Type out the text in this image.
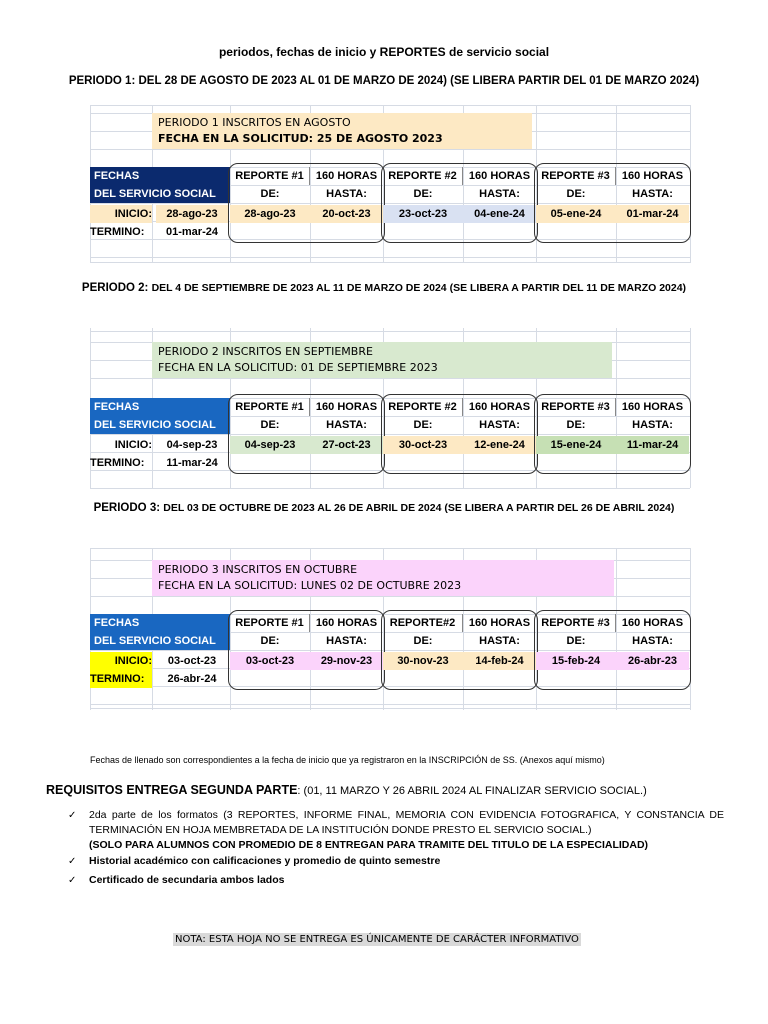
periodos, fechas de inicio y REPORTES de servicio social
PERIODO 1: DEL 28 DE AGOSTO DE 2023 AL 01 DE MARZO DE 2024) (SE LIBERA PARTIR DEL 01 DE MARZO 2024)
PERIODO 1 INSCRITOS EN AGOSTO
FECHA EN LA SOLICITUD: 25 DE AGOSTO 2023
FECHAS
DEL SERVICIO SOCIAL
INICIO:	28-ago-23
TERMINO:	01-mar-24
REPORTE #1	160 HORAS
DE:	HASTA:
28-ago-23	20-oct-23
REPORTE #2	160 HORAS
DE:	HASTA:
23-oct-23	04-ene-24
REPORTE #3	160 HORAS
DE:	HASTA:
05-ene-24	01-mar-24
PERIODO 2: DEL 4 DE SEPTIEMBRE DE 2023 AL 11 DE MARZO DE 2024 (SE LIBERA A PARTIR DEL 11 DE MARZO 2024)
PERIODO 2 INSCRITOS EN SEPTIEMBRE
FECHA EN LA SOLICITUD: 01 DE SEPTIEMBRE 2023
FECHAS
DEL SERVICIO SOCIAL
INICIO:	04-sep-23
TERMINO:	11-mar-24
REPORTE #1	160 HORAS
DE:	HASTA:
04-sep-23	27-oct-23
REPORTE #2	160 HORAS
DE:	HASTA:
30-oct-23	12-ene-24
REPORTE #3	160 HORAS
DE:	HASTA:
15-ene-24	11-mar-24
PERIODO 3: DEL 03 DE OCTUBRE DE 2023 AL 26 DE ABRIL DE 2024 (SE LIBERA A PARTIR DEL 26 DE ABRIL 2024)
PERIODO 3 INSCRITOS EN OCTUBRE
FECHA EN LA SOLICITUD: LUNES 02 DE OCTUBRE 2023
FECHAS
DEL SERVICIO SOCIAL
INICIO:	03-oct-23
TERMINO:	26-abr-24
REPORTE #1	160 HORAS
DE:	HASTA:
03-oct-23	29-nov-23
REPORTE#2	160 HORAS
DE:	HASTA:
30-nov-23	14-feb-24
REPORTE #3	160 HORAS
DE:	HASTA:
15-feb-24	26-abr-23
Fechas de llenado son correspondientes a la fecha de inicio que ya registraron en la INSCRIPCIÓN de SS. (Anexos aquí mismo)
REQUISITOS ENTREGA SEGUNDA PARTE: (01, 11 MARZO Y 26 ABRIL 2024 AL FINALIZAR SERVICIO SOCIAL.)
✓ 2da parte de los formatos (3 REPORTES, INFORME FINAL, MEMORIA CON EVIDENCIA FOTOGRAFICA, Y CONSTANCIA DE TERMINACIÓN EN HOJA MEMBRETADA DE LA INSTITUCIÓN DONDE PRESTO EL SERVICIO SOCIAL.)
(SOLO PARA ALUMNOS CON PROMEDIO DE 8 ENTREGAN PARA TRAMITE DEL TITULO DE LA ESPECIALIDAD)
✓ Historial académico con calificaciones y promedio de quinto semestre
✓ Certificado de secundaria ambos lados
NOTA: ESTA HOJA NO SE ENTREGA ES ÚNICAMENTE DE CARÁCTER INFORMATIVO
